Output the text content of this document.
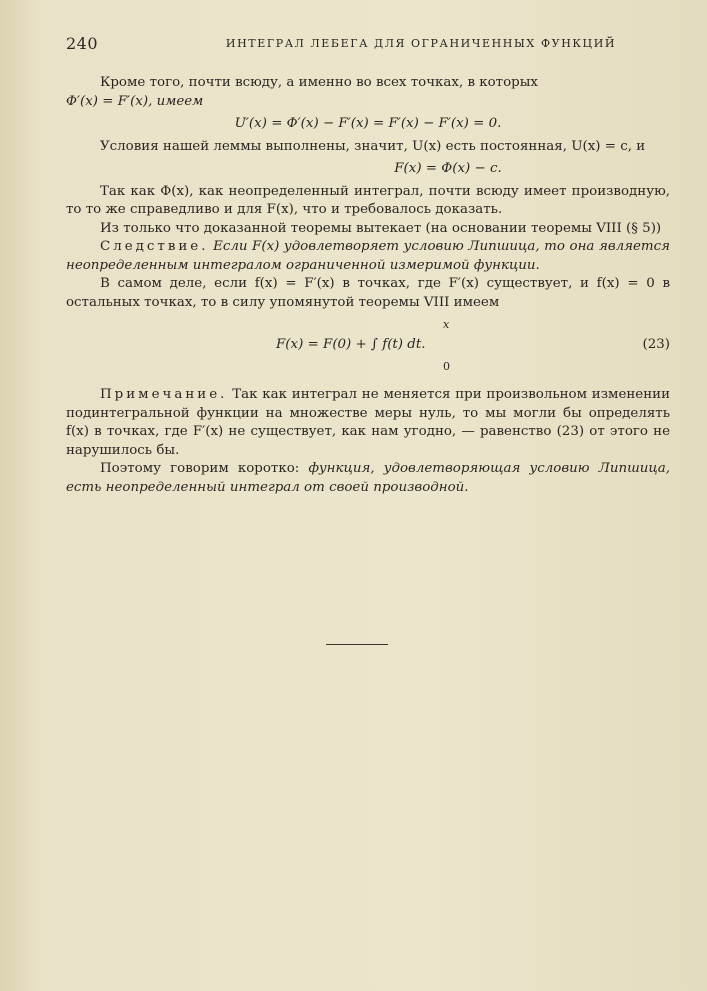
240	ИНТЕГРАЛ ЛЕБЕГА ДЛЯ ОГРАНИЧЕННЫХ ФУНКЦИЙ

Кроме того, почти всюду, а именно во всех точках, в которых

Φ′(x) = F′(x), имеем

U′(x) = Φ′(x) − F′(x) = F′(x) − F′(x) = 0.

Условия нашей леммы выполнены, значит, U(x) есть постоянная, U(x) = c, и

F(x) = Φ(x) − c.

Так как Φ(x), как неопределенный интеграл, почти всюду имеет производную, то то же справедливо и для F(x), что и требовалось доказать.

Из только что доказанной теоремы вытекает (на основании теоремы VIII (§ 5))

Следствие. Если F(x) удовлетворяет условию Липшица, то она является неопределенным интегралом ограниченной измеримой функции.

В самом деле, если f(x) = F′(x) в точках, где F′(x) существует, и f(x) = 0 в остальных точках, то в силу упомянутой теоремы VIII имеем

x
F(x) = F(0) + ∫ f(t) dt.
0
(23)

Примечание. Так как интеграл не меняется при произвольном изменении подинтегральной функции на множестве меры нуль, то мы могли бы определять f(x) в точках, где F′(x) не существует, как нам угодно, — равенство (23) от этого не нарушилось бы.

Поэтому говорим коротко: функция, удовлетворяющая условию Липшица, есть неопределенный интеграл от своей производной.
